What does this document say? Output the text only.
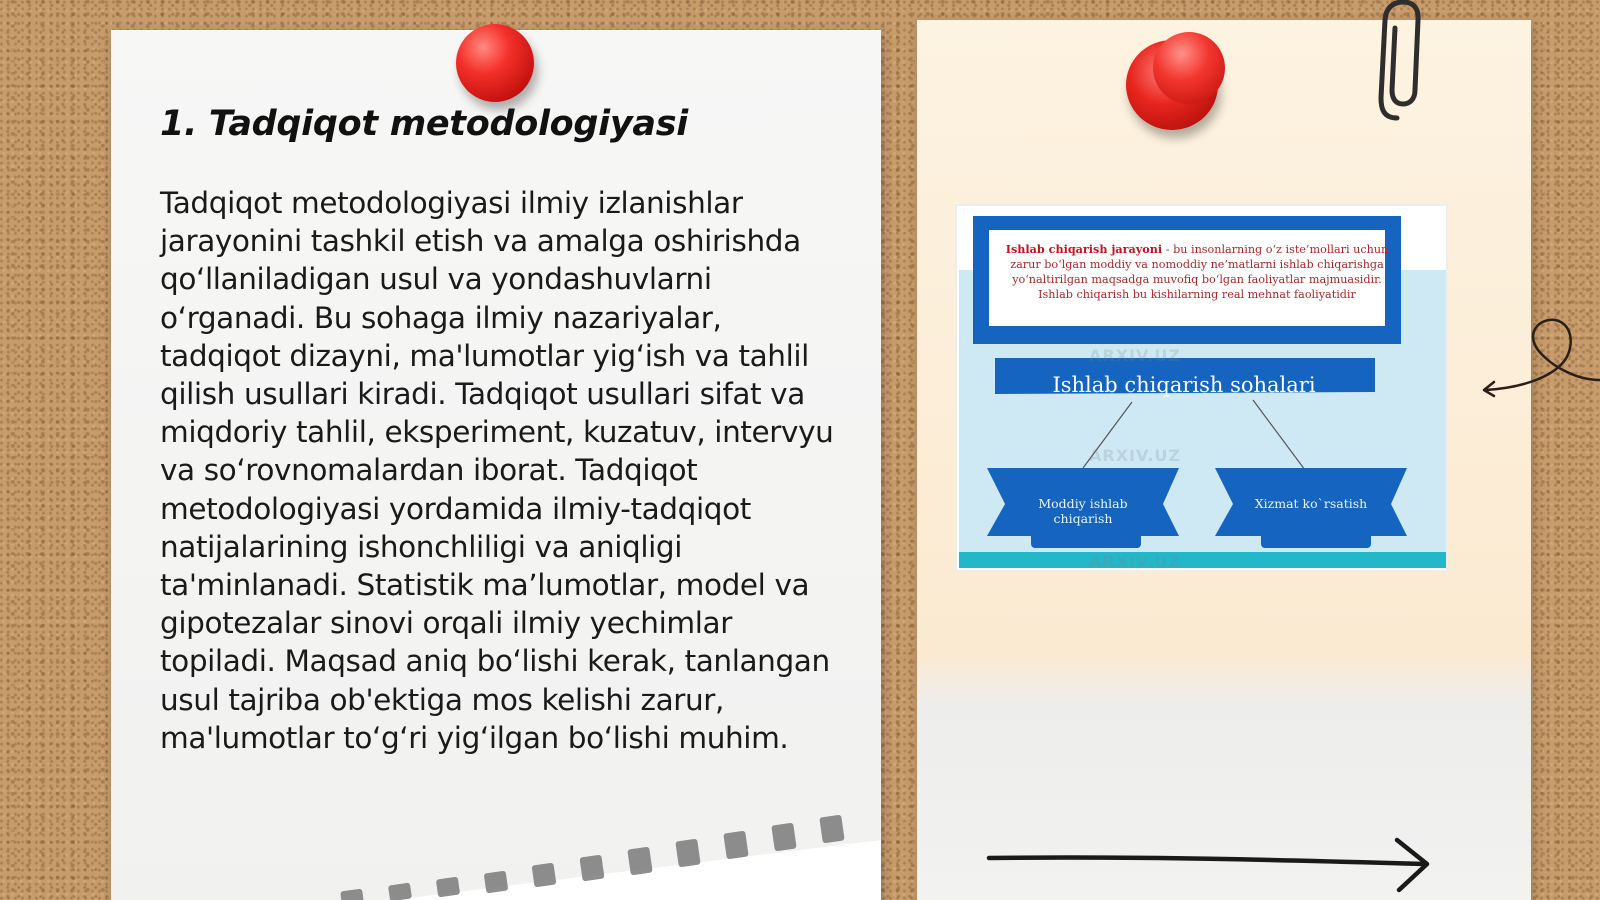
1. Tadqiqot metodologiyasi

Tadqiqot metodologiyasi ilmiy izlanishlar jarayonini tashkil etish va amalga oshirishda qo‘llaniladigan usul va yondashuvlarni o‘rganadi. Bu sohaga ilmiy nazariyalar, tadqiqot dizayni, ma'lumotlar yig‘ish va tahlil qilish usullari kiradi. Tadqiqot usullari sifat va miqdoriy tahlil, eksperiment, kuzatuv, intervyu va so‘rovnomalardan iborat. Tadqiqot metodologiyasi yordamida ilmiy-tadqiqot natijalarining ishonchliligi va aniqligi ta'minlanadi. Statistik ma’lumotlar, model va gipotezalar sinovi orqali ilmiy yechimlar topiladi. Maqsad aniq bo‘lishi kerak, tanlangan usul tajriba ob'ektiga mos kelishi zarur, ma'lumotlar to‘g‘ri yig‘ilgan bo‘lishi muhim.

ARXIV.UZ
ARXIV.UZ
ARXIV.UZ
Ishlab chiqarish jarayoni - bu insonlarning o‘z iste’mollari uchun zarur bo‘lgan moddiy va nomoddiy ne’matlarni ishlab chiqarishga yo‘naltirilgan maqsadga muvofiq bo‘lgan faoliyatlar majmuasidir. Ishlab chiqarish bu kishilarning real mehnat faoliyatidir
Ishlab chiqarish sohalari
Moddiy ishlab chiqarish
Xizmat ko`rsatish
